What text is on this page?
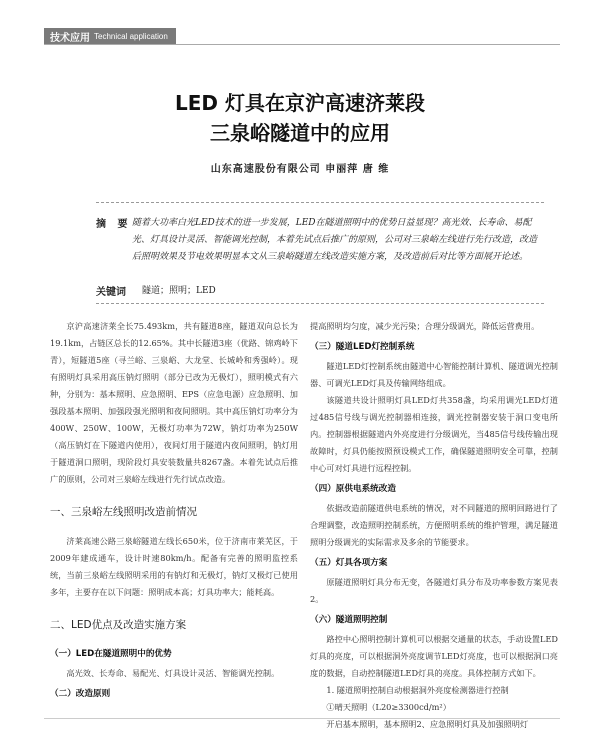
技术应用 Technical application
LED 灯具在京沪高速济莱段
三泉峪隧道中的应用
山东高速股份有限公司 申丽萍 唐 维
摘 要 随着大功率白光LED技术的进一步发展，LED在隧道照明中的优势日益显现？高光效、长寿命、易配光、灯具设计灵活、智能调光控制，本着先试点后推广的原则，公司对三泉峪左线进行先行改造，改造后照明效果及节电效果明显本文从三泉峪隧道左线改造实施方案，及改造前后对比等方面展开论述。
关键词 隧道；照明；LED

京沪高速济莱全长75.493km，共有隧道8座，隧道双向总长为19.1km，占链区总长的12.65%。其中长隧道3座（优路、锦鸡岭下青），短隧道5座（寻兰峪、三泉峪、大龙堂、长城岭和秀强岭）。现有照明灯具采用高压钠灯照明（部分已改为无极灯），照明模式有六种，分别为：基本照明、应急照明、EPS（应急电源）应急照明、加强段基本照明、加强段强光照明和夜间照明。其中高压钠灯功率分为400W、250W、100W，无极灯功率为72W，钠灯功率为250W（高压钠灯在下隧道内使用），夜间灯用于隧道内夜间照明，钠灯用于隧道洞口照明，现阶段灯具安装数量共8267盏。本着先试点后推广的原则，公司对三泉峪左线进行先行试点改造。

一、三泉峪左线照明改造前情况

济莱高速公路三泉峪隧道左线长650米，位于济南市莱芜区，于2009年建成通车，设计时速80km/h。配备有完善的照明监控系统，当前三泉峪左线照明采用的有钠灯和无极灯，钠灯又极灯已使用多年，主要存在以下问题：照明成本高；灯具功率大；能耗高。

二、LED优点及改造实施方案
（一）LED在隧道照明中的优势

高光效、长寿命、易配光、灯具设计灵活、智能调光控制。

（二）改造原则

提高照明均匀度，减少光污染；合理分级调光，降低运营费用。

（三）隧道LED灯控制系统

隧道LED灯控制系统由隧道中心智能控制计算机、隧道调光控制器、可调光LED灯具及传输网络组成。

该隧道共设计照明灯具LED灯共358盏，均采用调光LED灯道过485信号线与调光控制器相连接，调光控制器安装于洞口变电所内。控制器根据隧道内外亮度进行分级调光，当485信号线传输出现故障时，灯具仍能按照预设模式工作，确保隧道照明安全可靠，控制中心可对灯具进行远程控制。

（四）原供电系统改造

依据改造前隧道供电系统的情况，对不同隧道的照明回路进行了合理调整，改造照明控制系统，方便照明系统的维护管理，满足隧道照明分级调光的实际需求及多余的节能要求。

（五）灯具各项方案

原隧道照明灯具分布无变，各隧道灯具分布及功率参数方案见表2。

（六）隧道照明控制

路控中心照明控制计算机可以根据交通量的状态，手动设置LED灯具的亮度，可以根据洞外亮度调节LED灯亮度，也可以根据洞口亮度的数据，自动控制隧道LED灯具的亮度。具体控制方式如下。

1. 隧道照明控制自动根据洞外亮度检测器进行控制

①晴天照明（L20≥3300cd/m²）

开启基本照明，基本照明2、应急照明灯具及加强照明灯
